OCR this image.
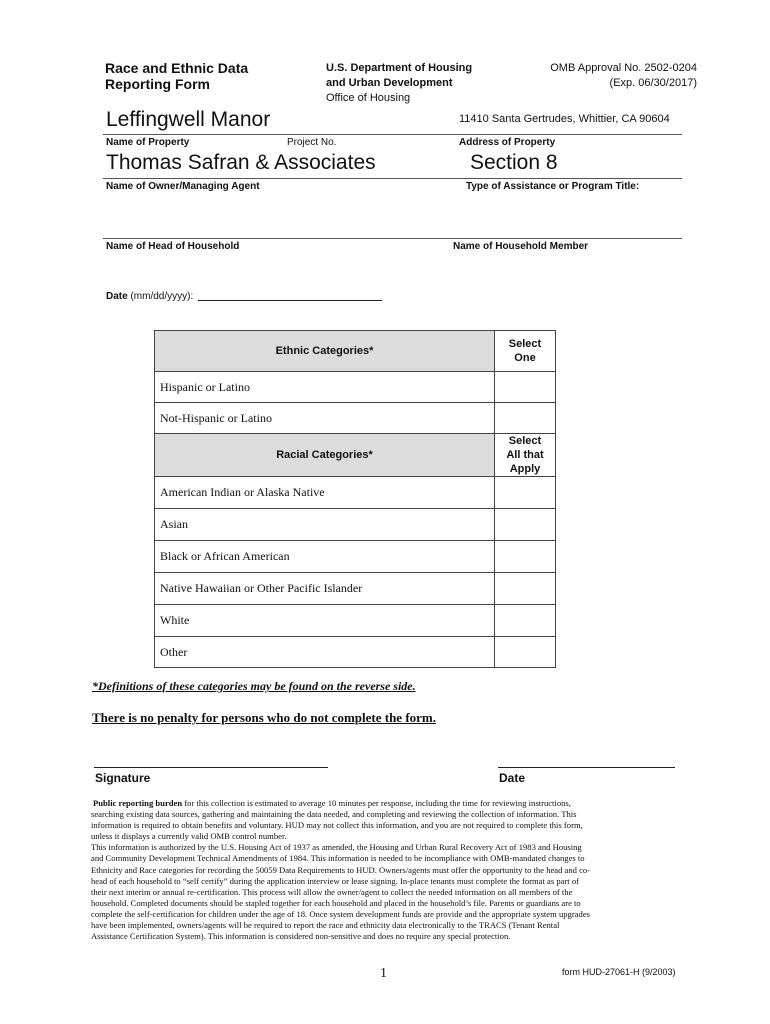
Race and Ethnic Data
Reporting Form
U.S. Department of Housing
and Urban Development
Office of Housing
OMB Approval No. 2502-0204
(Exp. 06/30/2017)
Leffingwell Manor	11410 Santa Gertrudes, Whittier, CA 90604
Name of Property	Project No.	Address of Property
Thomas Safran & Associates	Section 8
Name of Owner/Managing Agent	Type of Assistance or Program Title:
Name of Head of Household	Name of Household Member
Date (mm/dd/yyyy):
Ethnic Categories*	Select
One

Hispanic or Latino	
Not-Hispanic or Latino	
Racial Categories*	Select
All that
Apply

American Indian or Alaska Native	
Asian	
Black or African American	
Native Hawaiian or Other Pacific Islander	
White	
Other	
*Definitions of these categories may be found on the reverse side.
There is no penalty for persons who do not complete the form.
Signature	Date
Public reporting burden for this collection is estimated to average 10 minutes per response, including the time for reviewing instructions,
searching existing data sources, gathering and maintaining the data needed, and completing and reviewing the collection of information. This
information is required to obtain benefits and voluntary. HUD may not collect this information, and you are not required to complete this form,
unless it displays a currently valid OMB control number.
This information is authorized by the U.S. Housing Act of 1937 as amended, the Housing and Urban Rural Recovery Act of 1983 and Housing
and Community Development Technical Amendments of 1984. This information is needed to be incompliance with OMB-mandated changes to
Ethnicity and Race categories for recording the 50059 Data Requirements to HUD. Owners/agents must offer the opportunity to the head and co-
head of each household to “self certify” during the application interview or lease signing. In-place tenants must complete the format as part of
their next interim or annual re-certification. This process will allow the owner/agent to collect the needed information on all members of the
household. Completed documents should be stapled together for each household and placed in the household’s file. Parents or guardians are to
complete the self-certification for children under the age of 18. Once system development funds are provide and the appropriate system upgrades
have been implemented, owners/agents will be required to report the race and ethnicity data electronically to the TRACS (Tenant Rental
Assistance Certification System). This information is considered non-sensitive and does no require any special protection.
1	form HUD-27061-H (9/2003)
